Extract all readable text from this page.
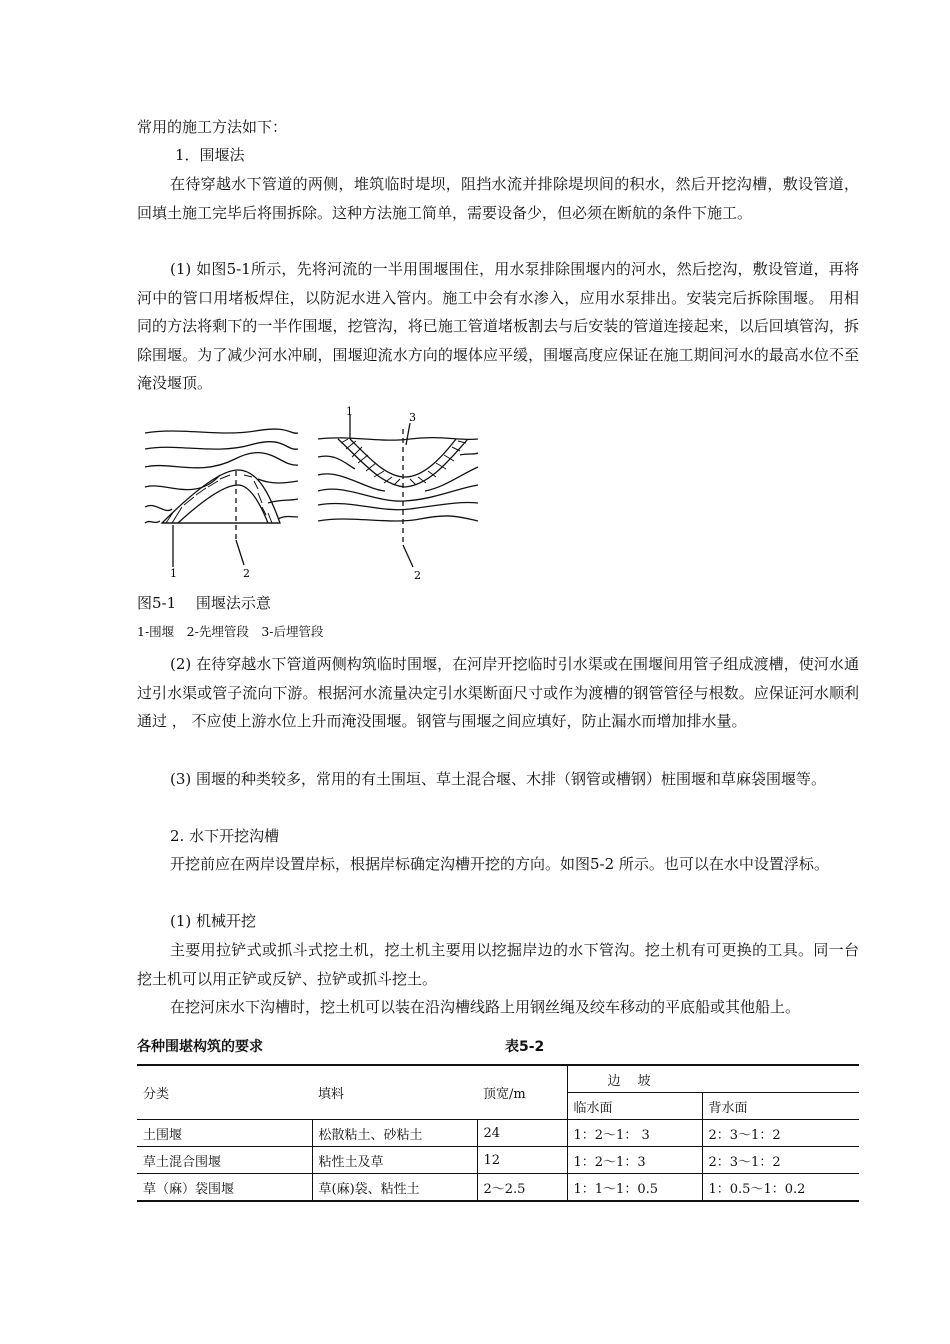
常用的施工方法如下：

1．围堰法

在待穿越水下管道的两侧，堆筑临时堤坝，阻挡水流并排除堤坝间的积水，然后开挖沟槽，敷设管道，回填土施工完毕后将围拆除。这种方法施工简单，需要设备少，但必须在断航的条件下施工。

(1) 如图5-1所示，先将河流的一半用围堰围住，用水泵排除围堰内的河水，然后挖沟，敷设管道，再将河中的管口用堵板焊住，以防泥水进入管内。施工中会有水渗入，应用水泵排出。安装完后拆除围堰。 用相同的方法将剩下的一半作围堰，挖管沟，将已施工管道堵板割去与后安装的管道连接起来，以后回填管沟，拆除围堰。为了减少河水冲刷，围堰迎流水方向的堰体应平缓，围堰高度应保证在施工期间河水的最高水位不至淹没堰顶。

1	2
1	3
2

图5-1　 围堰法示意

1-围堰　2-先埋管段　3-后埋管段

(2) 在待穿越水下管道两侧构筑临时围堰，在河岸开挖临时引水渠或在围堰间用管子组成渡槽，使河水通过引水渠或管子流向下游。根据河水流量决定引水渠断面尺寸或作为渡槽的钢管管径与根数。应保证河水顺利通过 ， 不应使上游水位上升而淹没围堰。钢管与围堰之间应填好，防止漏水而增加排水量。

(3) 围堰的种类较多，常用的有土围垣、草土混合堰、木排（钢管或槽钢）桩围堰和草麻袋围堰等。

2. 水下开挖沟槽

开挖前应在两岸设置岸标，根据岸标确定沟槽开挖的方向。如图5-2 所示。也可以在水中设置浮标。

(1) 机械开挖

主要用拉铲式或抓斗式挖土机，挖土机主要用以挖掘岸边的水下管沟。挖土机有可更换的工具。同一台挖土机可以用正铲或反铲、拉铲或抓斗挖土。

在挖河床水下沟槽时，挖土机可以装在沿沟槽线路上用钢丝绳及绞车移动的平底船或其他船上。

各种围堪构筑的要求	表5-2

分类	填料	顶宽/m	边　 坡	
			临水面	背水面
土围堰	松散粘土、砂粘土	24	1：2～1： 3	2：3～1：2
草土混合围堰	粘性土及草	12	1：2～1：3	2：3～1：2
草（麻）袋围堰	草(麻)袋、粘性土	2～2.5	1：1～1：0.5	1：0.5～1：0.2
